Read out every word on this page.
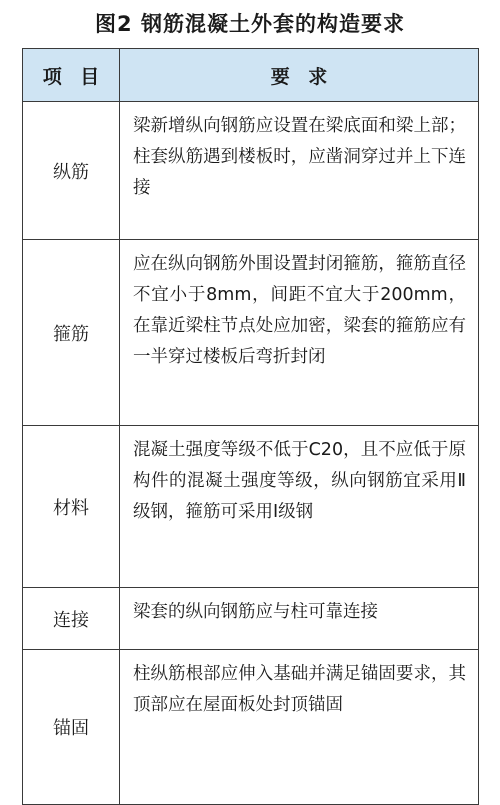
图2 钢筋混凝土外套的构造要求
项 目	要 求
纵筋	梁新增纵向钢筋应设置在梁底面和梁上部；柱套纵筋遇到楼板时，应凿洞穿过并上下连接
箍筋	应在纵向钢筋外围设置封闭箍筋，箍筋直径不宜小于8mm，间距不宜大于200mm，在靠近梁柱节点处应加密，梁套的箍筋应有一半穿过楼板后弯折封闭
材料	混凝土强度等级不低于C20，且不应低于原构件的混凝土强度等级，纵向钢筋宜采用Ⅱ级钢，箍筋可采用Ⅰ级钢
连接	梁套的纵向钢筋应与柱可靠连接
锚固	柱纵筋根部应伸入基础并满足锚固要求，其顶部应在屋面板处封顶锚固
